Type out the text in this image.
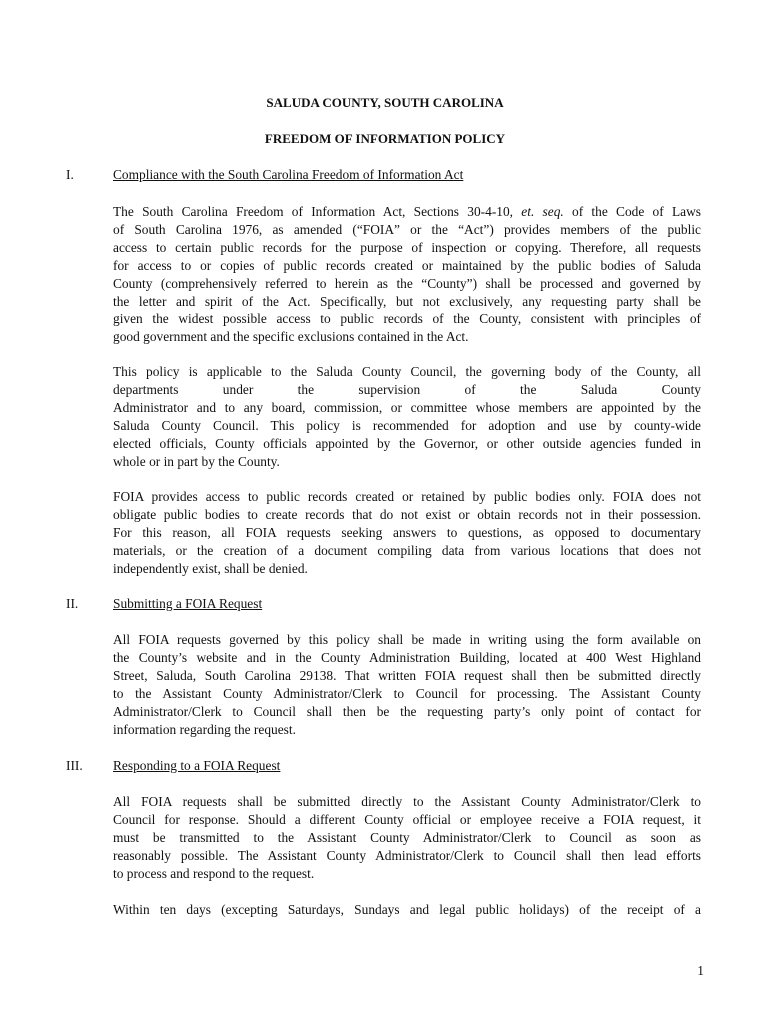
SALUDA COUNTY, SOUTH CAROLINA
FREEDOM OF INFORMATION POLICY
I.	Compliance with the South Carolina Freedom of Information Act
The South Carolina Freedom of Information Act, Sections 30-4-10, et. seq. of the Code of Laws
of South Carolina 1976, as amended (“FOIA” or the “Act”) provides members of the public
access to certain public records for the purpose of inspection or copying. Therefore, all requests
for access to or copies of public records created or maintained by the public bodies of Saluda
County (comprehensively referred to herein as the “County”) shall be processed and governed by
the letter and spirit of the Act. Specifically, but not exclusively, any requesting party shall be
given the widest possible access to public records of the County, consistent with principles of
good government and the specific exclusions contained in the Act.
This policy is applicable to the Saluda County Council, the governing body of the County, all
departments under the supervision of the Saluda County
Administrator and to any board, commission, or committee whose members are appointed by the
Saluda County Council. This policy is recommended for adoption and use by county-wide
elected officials, County officials appointed by the Governor, or other outside agencies funded in
whole or in part by the County.
FOIA provides access to public records created or retained by public bodies only. FOIA does not
obligate public bodies to create records that do not exist or obtain records not in their possession.
For this reason, all FOIA requests seeking answers to questions, as opposed to documentary
materials, or the creation of a document compiling data from various locations that does not
independently exist, shall be denied.
II.	Submitting a FOIA Request
All FOIA requests governed by this policy shall be made in writing using the form available on
the County’s website and in the County Administration Building, located at 400 West Highland
Street, Saluda, South Carolina 29138. That written FOIA request shall then be submitted directly
to the Assistant County Administrator/Clerk to Council for processing. The Assistant County
Administrator/Clerk to Council shall then be the requesting party’s only point of contact for
information regarding the request.
III. Responding to a FOIA Request
All FOIA requests shall be submitted directly to the Assistant County Administrator/Clerk to
Council for response. Should a different County official or employee receive a FOIA request, it
must be transmitted to the Assistant County Administrator/Clerk to Council as soon as
reasonably possible. The Assistant County Administrator/Clerk to Council shall then lead efforts
to process and respond to the request.
Within ten days (excepting Saturdays, Sundays and legal public holidays) of the receipt of a
1
